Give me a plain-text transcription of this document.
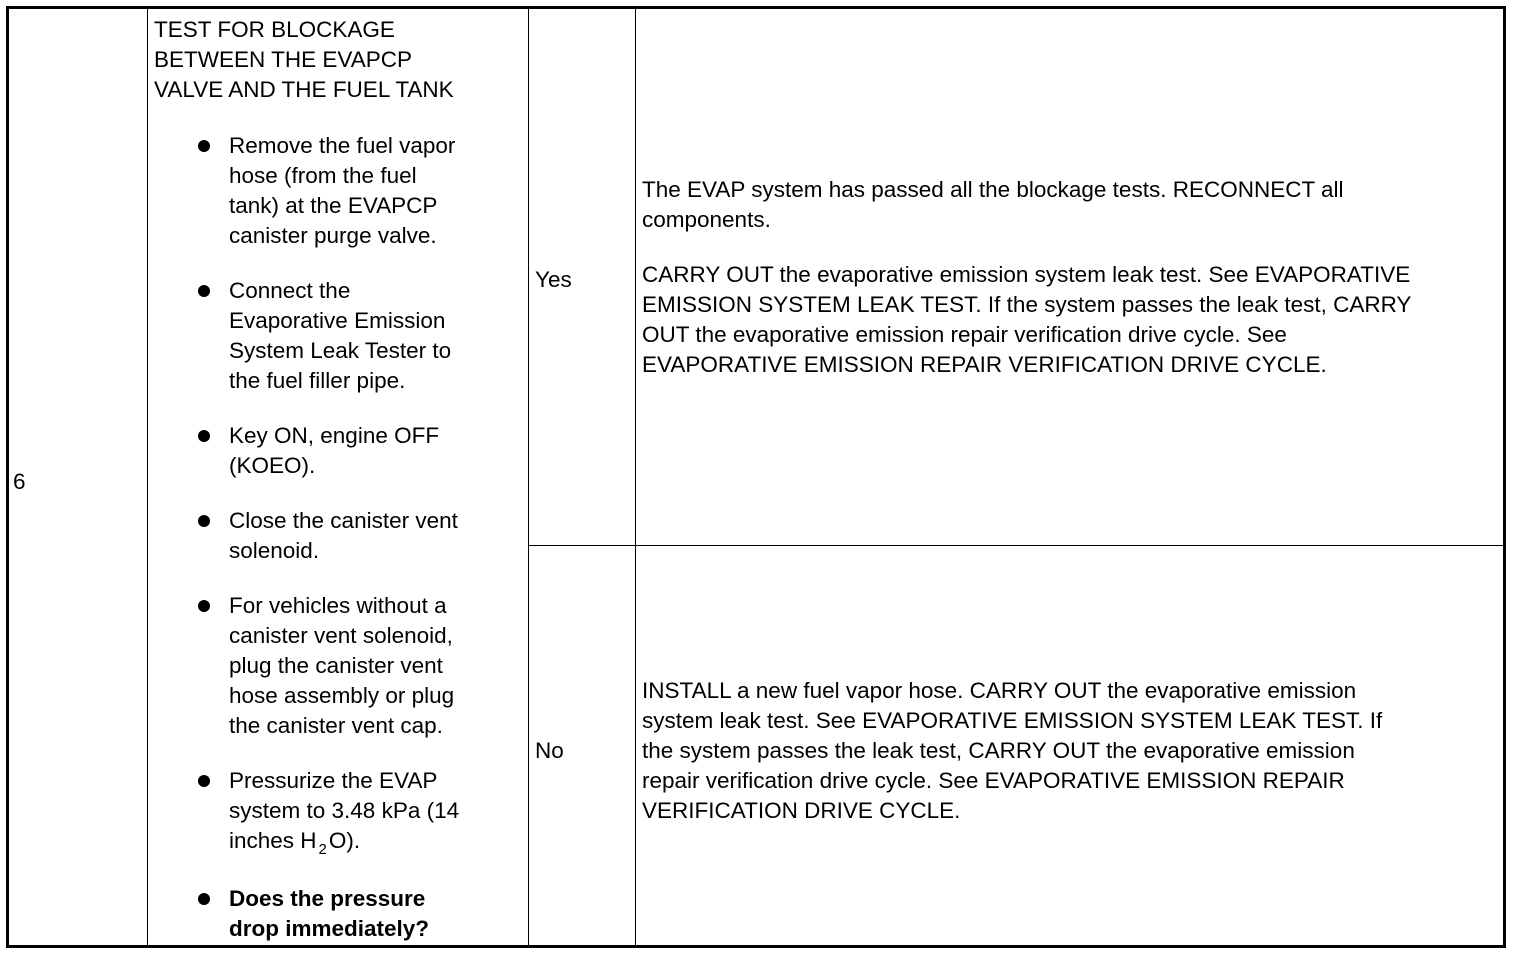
6
TEST FOR BLOCKAGE
BETWEEN THE EVAPCP
VALVE AND THE FUEL TANK
Remove the fuel vapor
hose (from the fuel
tank) at the EVAPCP
canister purge valve.
Connect the
Evaporative Emission
System Leak Tester to
the fuel filler pipe.
Key ON, engine OFF
(KOEO).
Close the canister vent
solenoid.
For vehicles without a
canister vent solenoid,
plug the canister vent
hose assembly or plug
the canister vent cap.
Pressurize the EVAP
system to 3.48 kPa (14
inches H $_2$O).
Does the pressure
drop immediately?
Yes

The EVAP system has passed all the blockage tests. RECONNECT all
components.

CARRY OUT the evaporative emission system leak test. See EVAPORATIVE
EMISSION SYSTEM LEAK TEST. If the system passes the leak test, CARRY
OUT the evaporative emission repair verification drive cycle. See
EVAPORATIVE EMISSION REPAIR VERIFICATION DRIVE CYCLE.

No

INSTALL a new fuel vapor hose. CARRY OUT the evaporative emission
system leak test. See EVAPORATIVE EMISSION SYSTEM LEAK TEST. If
the system passes the leak test, CARRY OUT the evaporative emission
repair verification drive cycle. See EVAPORATIVE EMISSION REPAIR
VERIFICATION DRIVE CYCLE.
